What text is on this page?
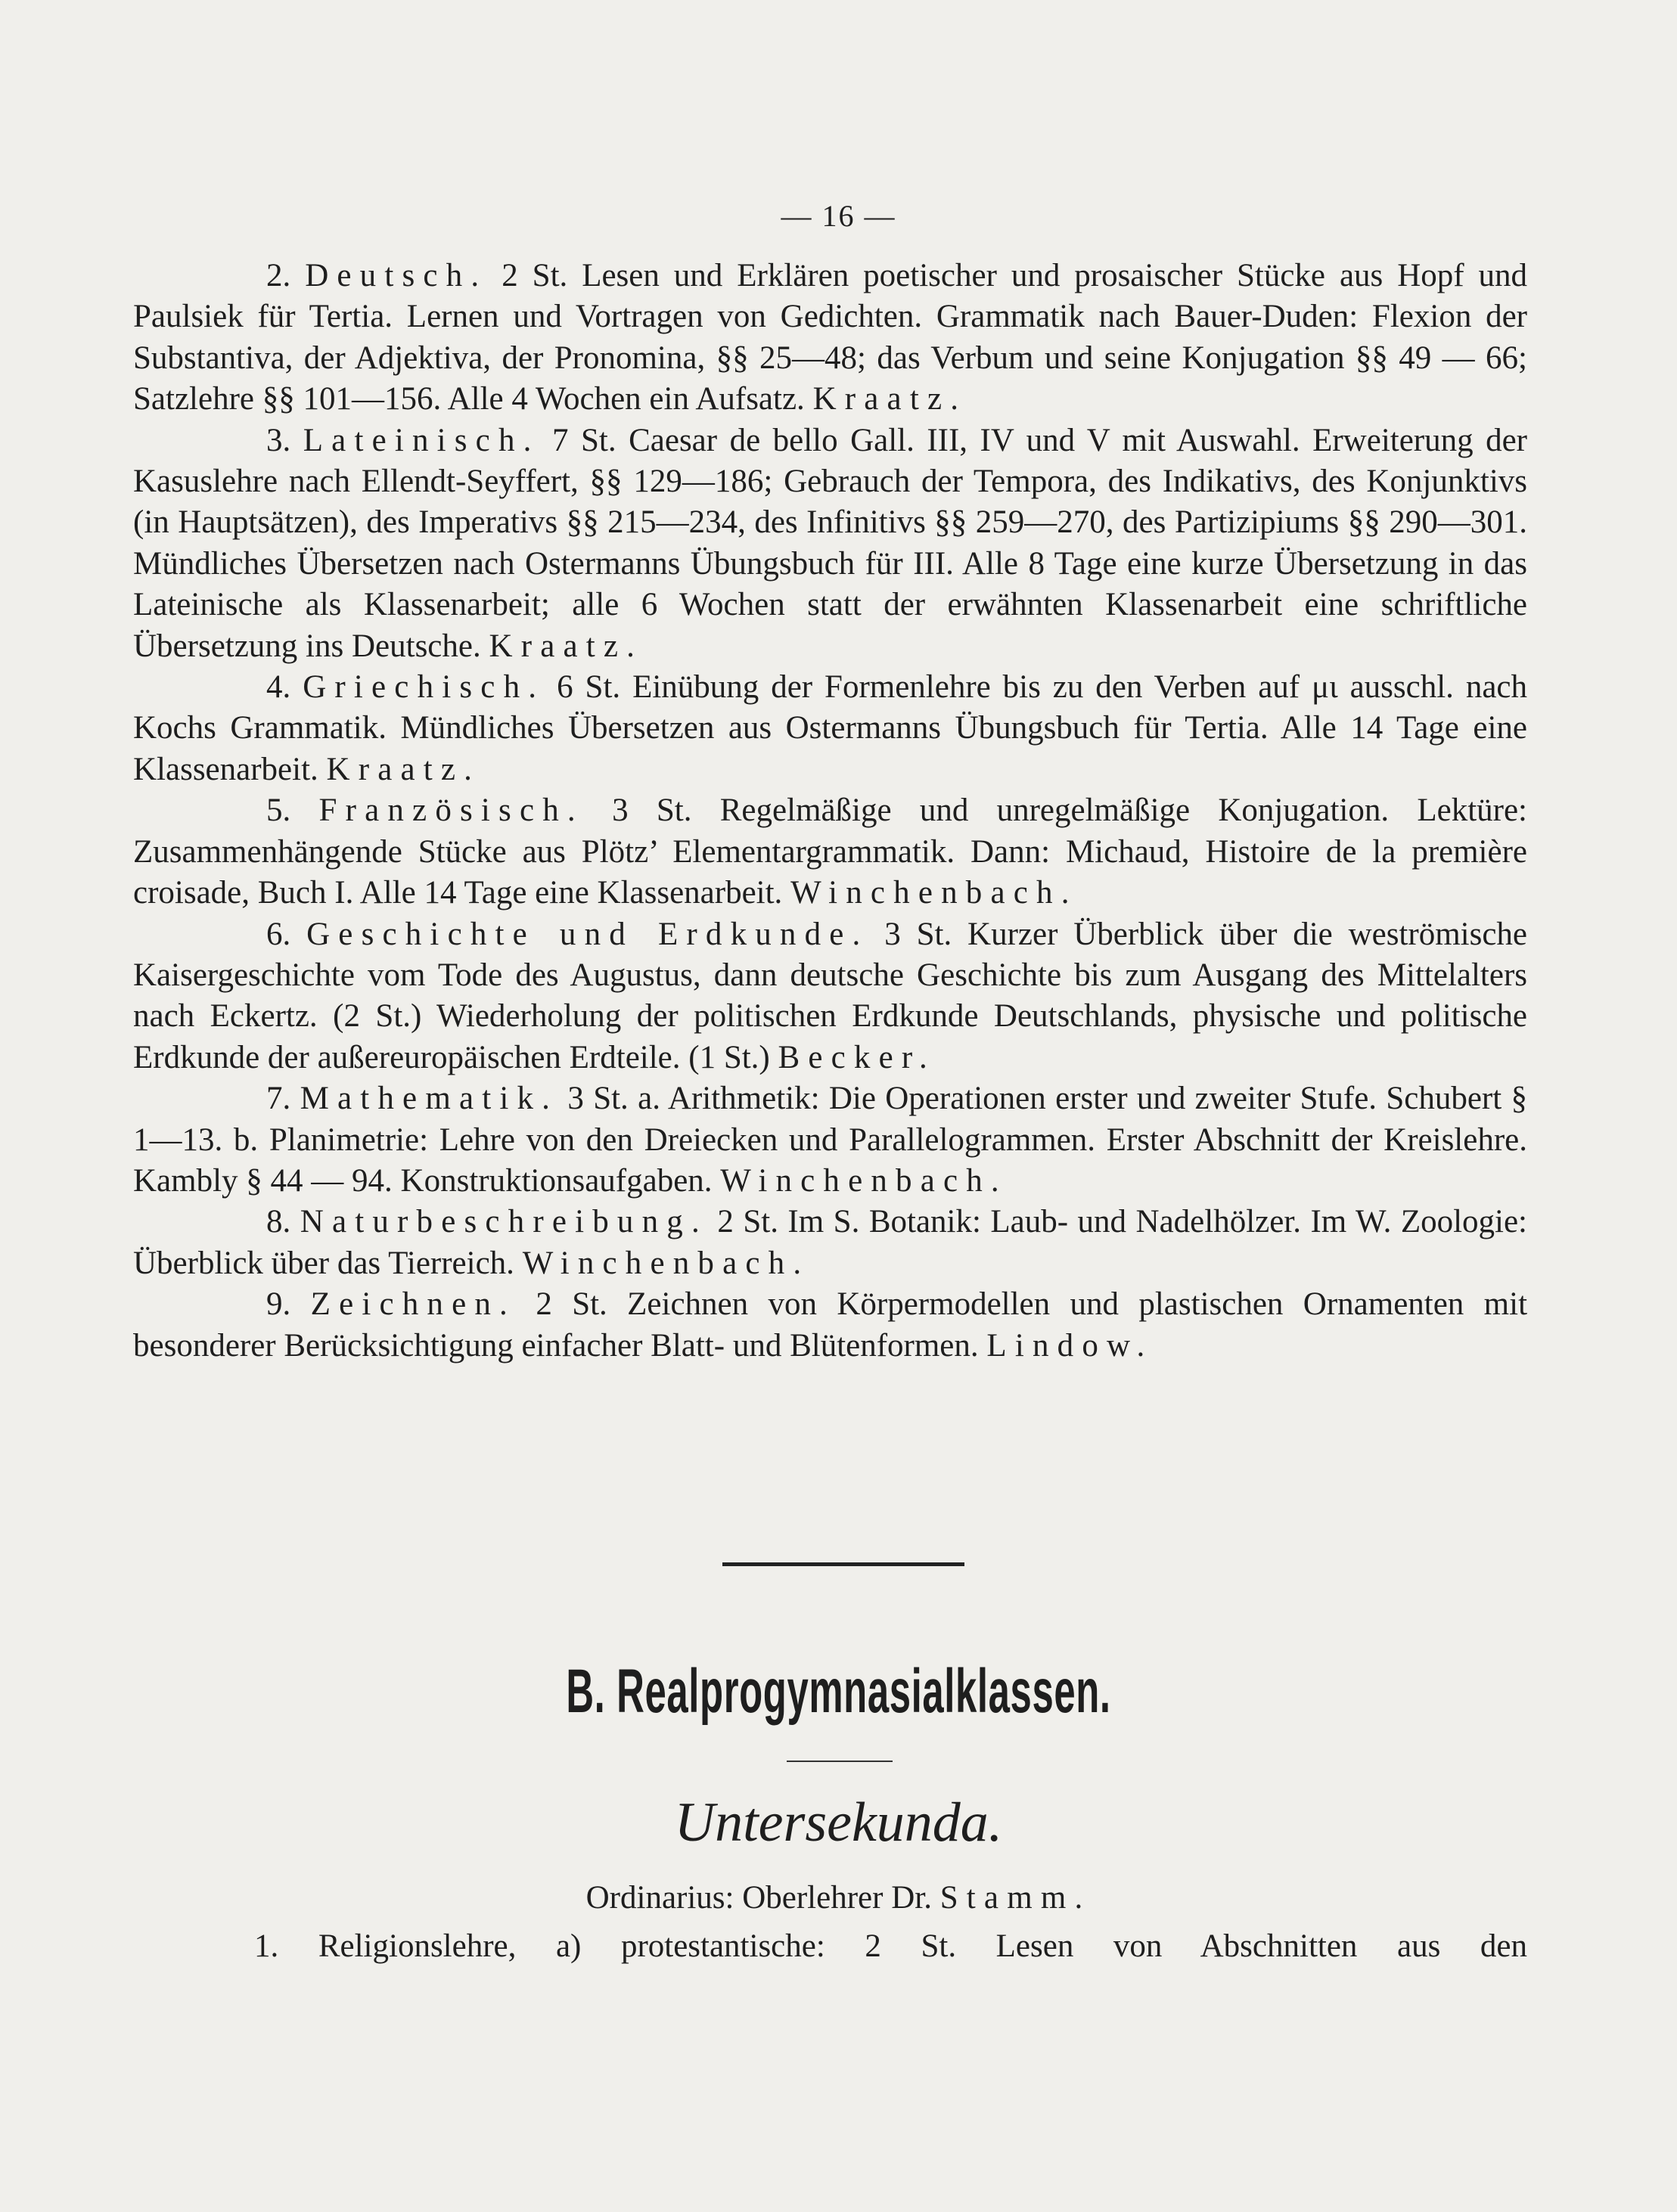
— 16 —

2. Deutsch. 2 St. Lesen und Erklären poetischer und prosaischer Stücke aus Hopf und Paulsiek für Tertia. Lernen und Vortragen von Gedichten. Grammatik nach Bauer-Duden: Flexion der Substantiva, der Adjektiva, der Pronomina, §§ 25—48; das Verbum und seine Konjugation §§ 49 — 66; Satzlehre §§ 101—156. Alle 4 Wochen ein Aufsatz. Kraatz.

3. Lateinisch. 7 St. Caesar de bello Gall. III, IV und V mit Auswahl. Erweiterung der Kasuslehre nach Ellendt-Seyffert, §§ 129—186; Gebrauch der Tempora, des Indikativs, des Konjunktivs (in Hauptsätzen), des Imperativs §§ 215—234, des Infinitivs §§ 259—270, des Partizipiums §§ 290—301. Mündliches Übersetzen nach Ostermanns Übungsbuch für III. Alle 8 Tage eine kurze Übersetzung in das Lateinische als Klassenarbeit; alle 6 Wochen statt der erwähnten Klassenarbeit eine schriftliche Übersetzung ins Deutsche. Kraatz.

4. Griechisch. 6 St. Einübung der Formenlehre bis zu den Verben auf μι ausschl. nach Kochs Grammatik. Mündliches Übersetzen aus Ostermanns Übungsbuch für Tertia. Alle 14 Tage eine Klassenarbeit. Kraatz.

5. Französisch. 3 St. Regelmäßige und unregelmäßige Konjugation. Lektüre: Zusammenhängende Stücke aus Plötz’ Elementargrammatik. Dann: Michaud, Histoire de la première croisade, Buch I. Alle 14 Tage eine Klassenarbeit. Winchenbach.

6. Geschichte und Erdkunde. 3 St. Kurzer Überblick über die weströmische Kaisergeschichte vom Tode des Augustus, dann deutsche Geschichte bis zum Ausgang des Mittelalters nach Eckertz. (2 St.) Wiederholung der politischen Erdkunde Deutschlands, physische und politische Erdkunde der außereuropäischen Erdteile. (1 St.) Becker.

7. Mathematik. 3 St. a. Arithmetik: Die Operationen erster und zweiter Stufe. Schubert § 1—13. b. Planimetrie: Lehre von den Dreiecken und Parallelogrammen. Erster Abschnitt der Kreislehre. Kambly § 44 — 94. Konstruktionsaufgaben. Winchenbach.

8. Naturbeschreibung. 2 St. Im S. Botanik: Laub- und Nadelhölzer. Im W. Zoologie: Überblick über das Tierreich. Winchenbach.

9. Zeichnen. 2 St. Zeichnen von Körpermodellen und plastischen Ornamenten mit besonderer Berücksichtigung einfacher Blatt- und Blütenformen. Lindow.

B. Realprogymnasialklassen.
Untersekunda.
Ordinarius: Oberlehrer Dr. Stamm.
1. Religionslehre, a) protestantische: 2 St. Lesen von Abschnitten aus den
